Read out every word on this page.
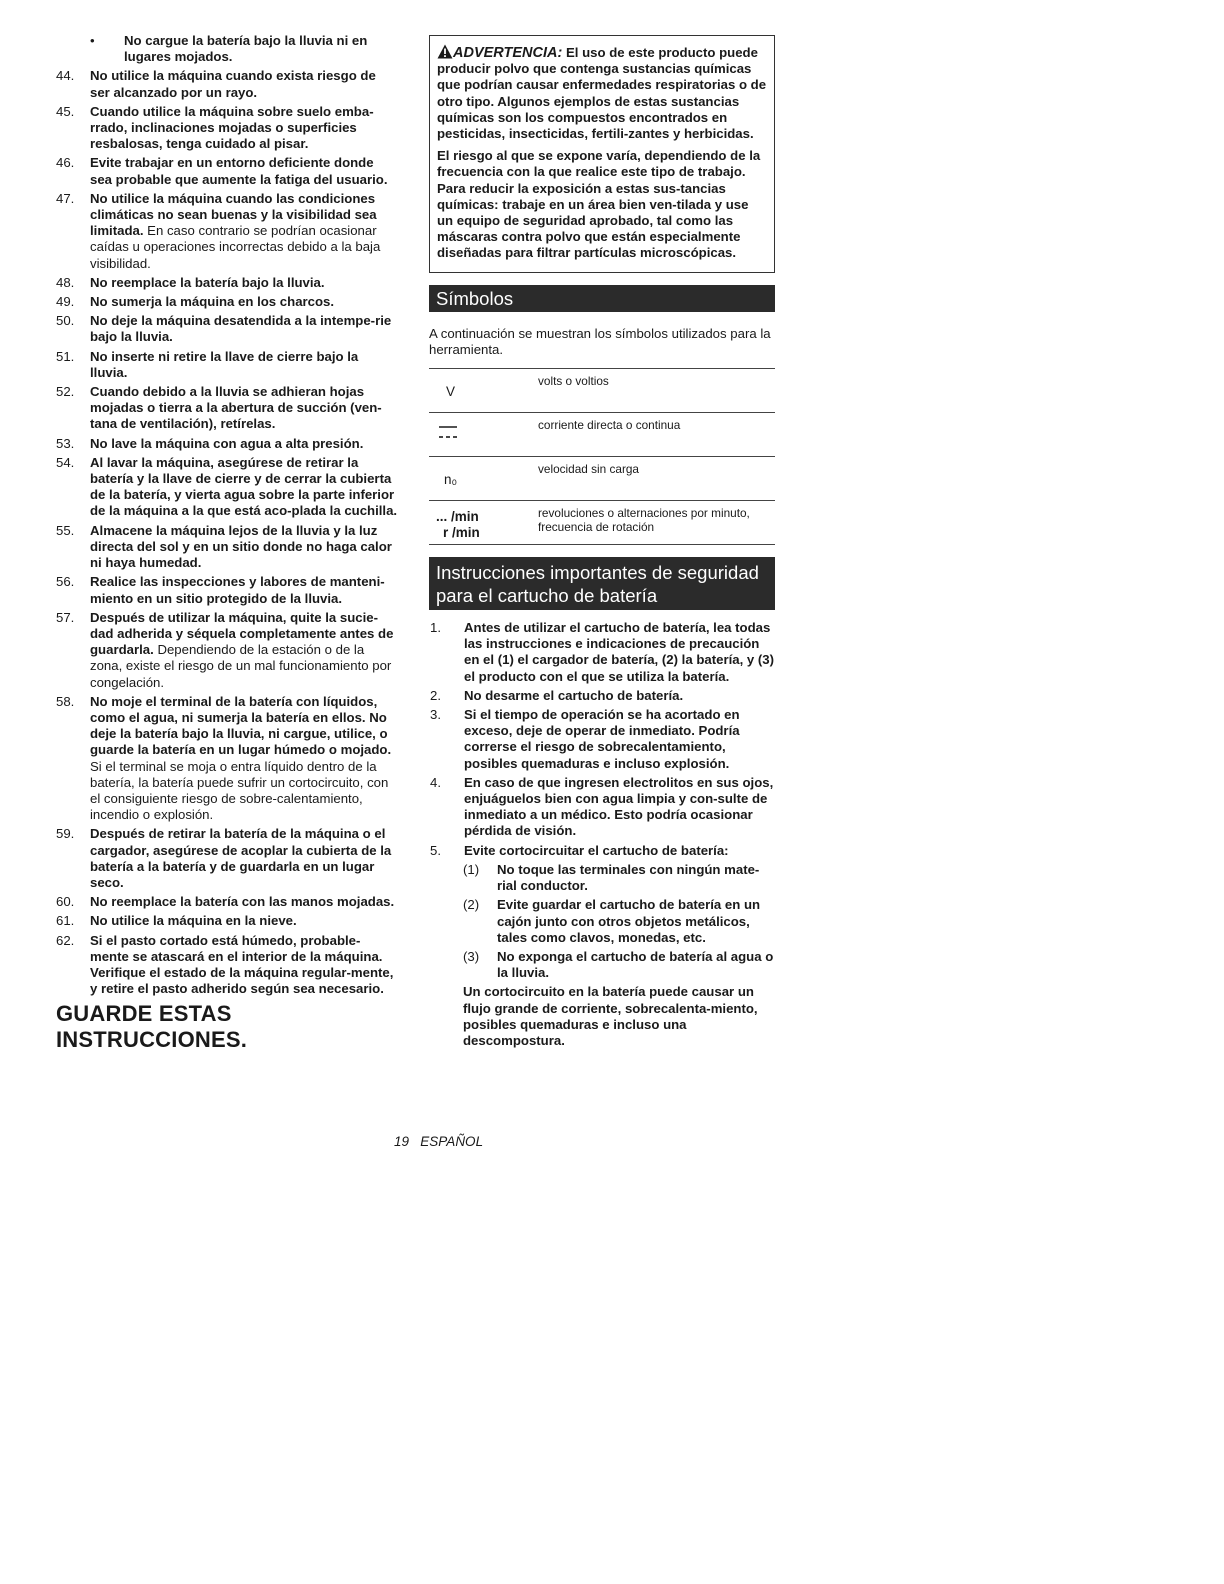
•	No cargue la batería bajo la lluvia ni en lugares mojados.
44.	No utilice la máquina cuando exista riesgo de ser alcanzado por un rayo.
45.	Cuando utilice la máquina sobre suelo emba-rrado, inclinaciones mojadas o superficies resbalosas, tenga cuidado al pisar.
46.	Evite trabajar en un entorno deficiente donde sea probable que aumente la fatiga del usuario.
47.	No utilice la máquina cuando las condiciones climáticas no sean buenas y la visibilidad sea limitada. En caso contrario se podrían ocasionar caídas u operaciones incorrectas debido a la baja visibilidad.
48.	No reemplace la batería bajo la lluvia.
49.	No sumerja la máquina en los charcos.
50.	No deje la máquina desatendida a la intempe-rie bajo la lluvia.
51.	No inserte ni retire la llave de cierre bajo la lluvia.
52.	Cuando debido a la lluvia se adhieran hojas mojadas o tierra a la abertura de succión (ven-tana de ventilación), retírelas.
53.	No lave la máquina con agua a alta presión.
54.	Al lavar la máquina, asegúrese de retirar la batería y la llave de cierre y de cerrar la cubierta de la batería, y vierta agua sobre la parte inferior de la máquina a la que está aco-plada la cuchilla.
55.	Almacene la máquina lejos de la lluvia y la luz directa del sol y en un sitio donde no haga calor ni haya humedad.
56.	Realice las inspecciones y labores de manteni-miento en un sitio protegido de la lluvia.
57.	Después de utilizar la máquina, quite la sucie-dad adherida y séquela completamente antes de guardarla. Dependiendo de la estación o de la zona, existe el riesgo de un mal funcionamiento por congelación.
58.	No moje el terminal de la batería con líquidos, como el agua, ni sumerja la batería en ellos. No deje la batería bajo la lluvia, ni cargue, utilice, o guarde la batería en un lugar húmedo o mojado. Si el terminal se moja o entra líquido dentro de la batería, la batería puede sufrir un cortocircuito, con el consiguiente riesgo de sobre-calentamiento, incendio o explosión.
59.	Después de retirar la batería de la máquina o el cargador, asegúrese de acoplar la cubierta de la batería a la batería y de guardarla en un lugar seco.
60.	No reemplace la batería con las manos mojadas.
61.	No utilice la máquina en la nieve.
62.	Si el pasto cortado está húmedo, probable-mente se atascará en el interior de la máquina. Verifique el estado de la máquina regular-mente, y retire el pasto adherido según sea necesario.
GUARDE ESTAS
INSTRUCCIONES.

ADVERTENCIA: El uso de este producto puede producir polvo que contenga sustancias químicas que podrían causar enfermedades respiratorias o de otro tipo. Algunos ejemplos de estas sustancias químicas son los compuestos encontrados en pesticidas, insecticidas, fertili-zantes y herbicidas.

El riesgo al que se expone varía, dependiendo de la frecuencia con la que realice este tipo de trabajo. Para reducir la exposición a estas sus-tancias químicas: trabaje en un área bien ven-tilada y use un equipo de seguridad aprobado, tal como las máscaras contra polvo que están especialmente diseñadas para filtrar partículas microscópicas.

Símbolos
A continuación se muestran los símbolos utilizados para la herramienta.
V	volts o voltios
	corriente directa o continua

n₀	velocidad sin carga

... /min
r /min	revoluciones o alternaciones por minuto, frecuencia de rotación
Instrucciones importantes de seguridad para el cartucho de batería
1.	Antes de utilizar el cartucho de batería, lea todas las instrucciones e indicaciones de precaución en el (1) el cargador de batería, (2) la batería, y (3) el producto con el que se utiliza la batería.
2.	No desarme el cartucho de batería.
3.	Si el tiempo de operación se ha acortado en exceso, deje de operar de inmediato. Podría correrse el riesgo de sobrecalentamiento, posibles quemaduras e incluso explosión.
4.	En caso de que ingresen electrolitos en sus ojos, enjuáguelos bien con agua limpia y con-sulte de inmediato a un médico. Esto podría ocasionar pérdida de visión.
5.	Evite cortocircuitar el cartucho de batería:
(1)	No toque las terminales con ningún mate-rial conductor.
(2)	Evite guardar el cartucho de batería en un cajón junto con otros objetos metálicos, tales como clavos, monedas, etc.
(3)	No exponga el cartucho de batería al agua o la lluvia.
Un cortocircuito en la batería puede causar un flujo grande de corriente, sobrecalenta-miento, posibles quemaduras e incluso una descompostura.
19 ESPAÑOL
